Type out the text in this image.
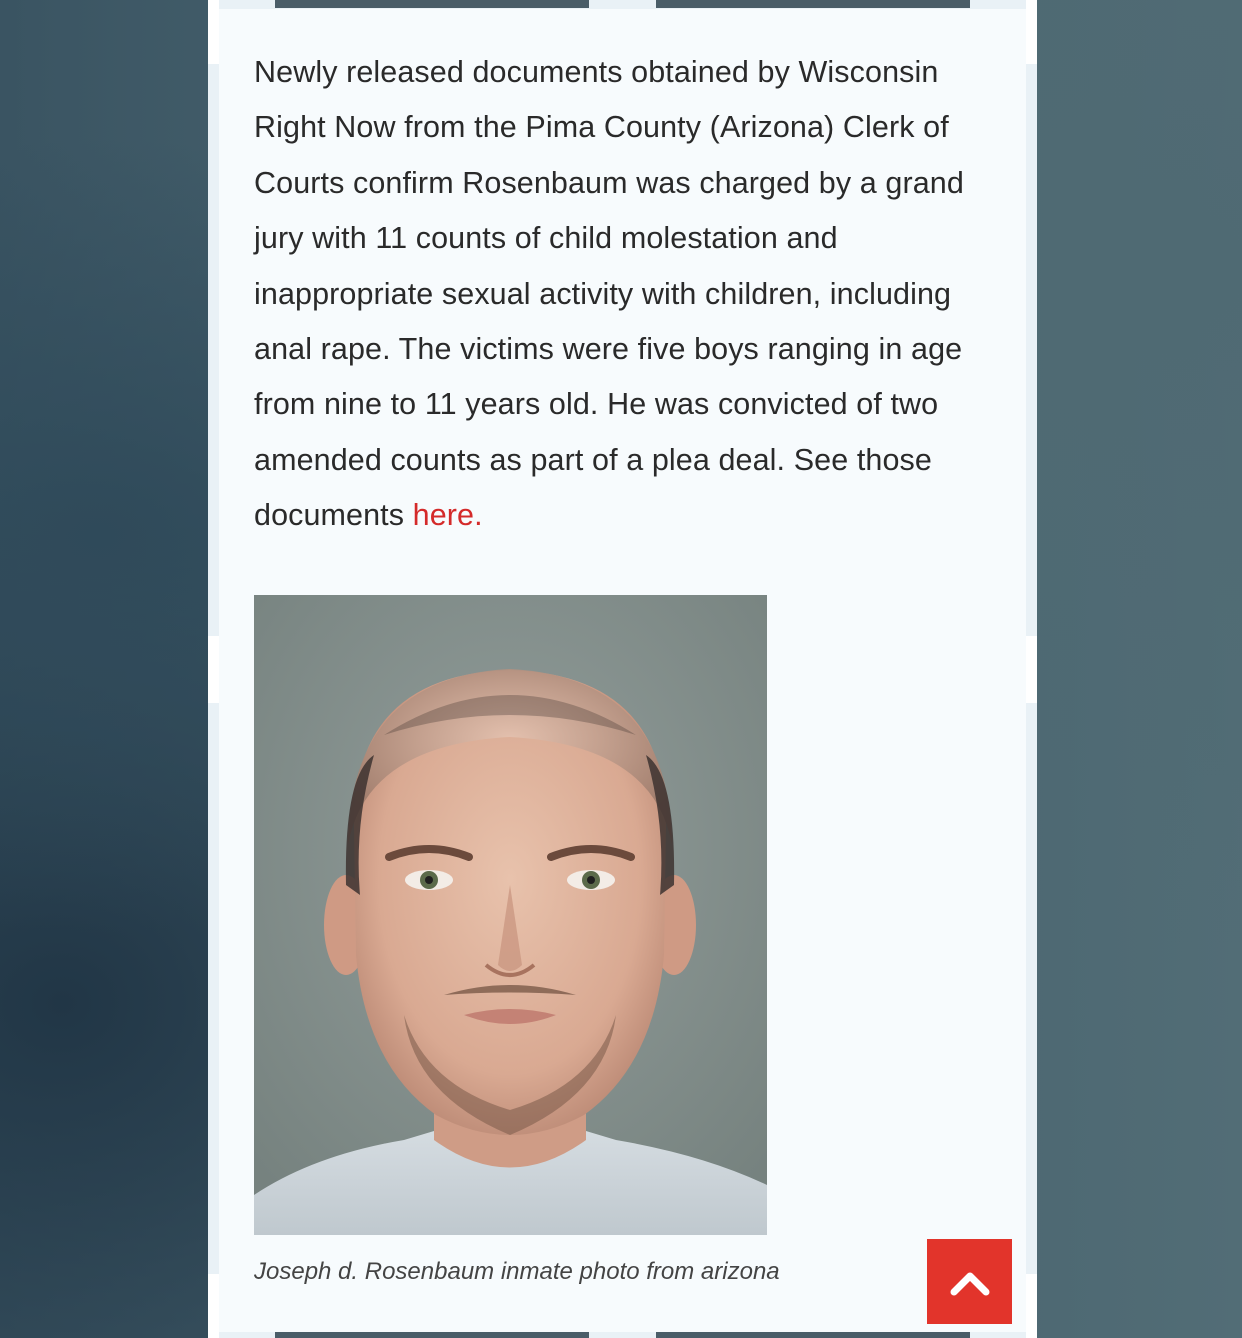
Newly released documents obtained by Wisconsin Right Now from the Pima County (Arizona) Clerk of Courts confirm Rosenbaum was charged by a grand jury with 11 counts of child molestation and inappropriate sexual activity with children, including anal rape. The victims were five boys ranging in age from nine to 11 years old. He was convicted of two amended counts as part of a plea deal. See those documents here.

Joseph d. Rosenbaum inmate photo from arizona
